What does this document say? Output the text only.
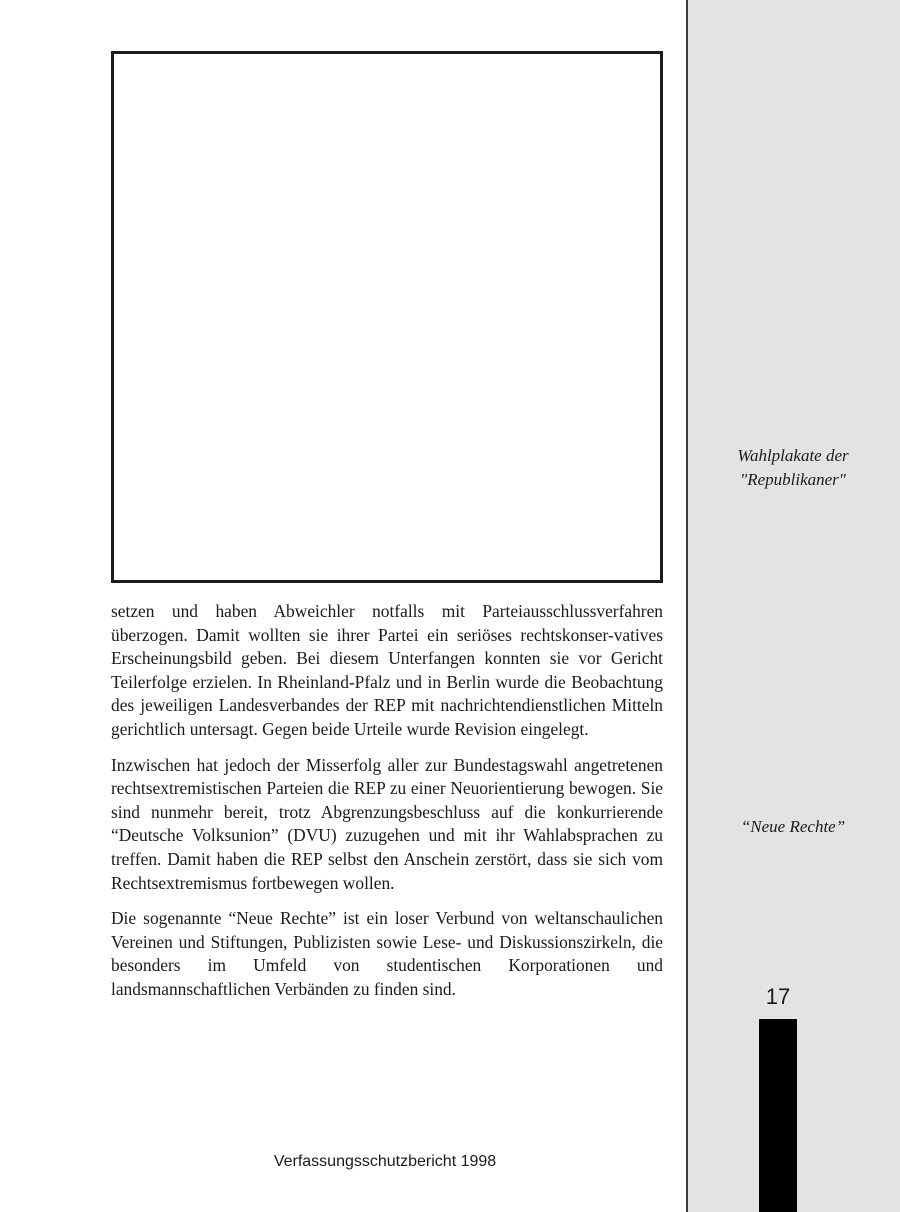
Wahlplakate der
"Republikaner"

setzen und haben Abweichler notfalls mit Parteiausschlussverfahren überzogen. Damit wollten sie ihrer Partei ein seriöses rechtskonser-vatives Erscheinungsbild geben. Bei diesem Unterfangen konnten sie vor Gericht Teilerfolge erzielen. In Rheinland-Pfalz und in Berlin wurde die Beobachtung des jeweiligen Landesverbandes der REP mit nachrichtendienstlichen Mitteln gerichtlich untersagt. Gegen beide Urteile wurde Revision eingelegt.

Inzwischen hat jedoch der Misserfolg aller zur Bundestagswahl angetretenen rechtsextremistischen Parteien die REP zu einer Neuorientierung bewogen. Sie sind nunmehr bereit, trotz Abgrenzungsbeschluss auf die konkurrierende “Deutsche Volksunion” (DVU) zuzugehen und mit ihr Wahlabsprachen zu treffen. Damit haben die REP selbst den Anschein zerstört, dass sie sich vom Rechtsextremismus fortbewegen wollen.

Die sogenannte “Neue Rechte” ist ein loser Verbund von weltanschaulichen Vereinen und Stiftungen, Publizisten sowie Lese- und Diskussionszirkeln, die besonders im Umfeld von studentischen Korporationen und landsmannschaftlichen Verbänden zu finden sind.

“Neue Rechte”
17
Verfassungsschutzbericht 1998
